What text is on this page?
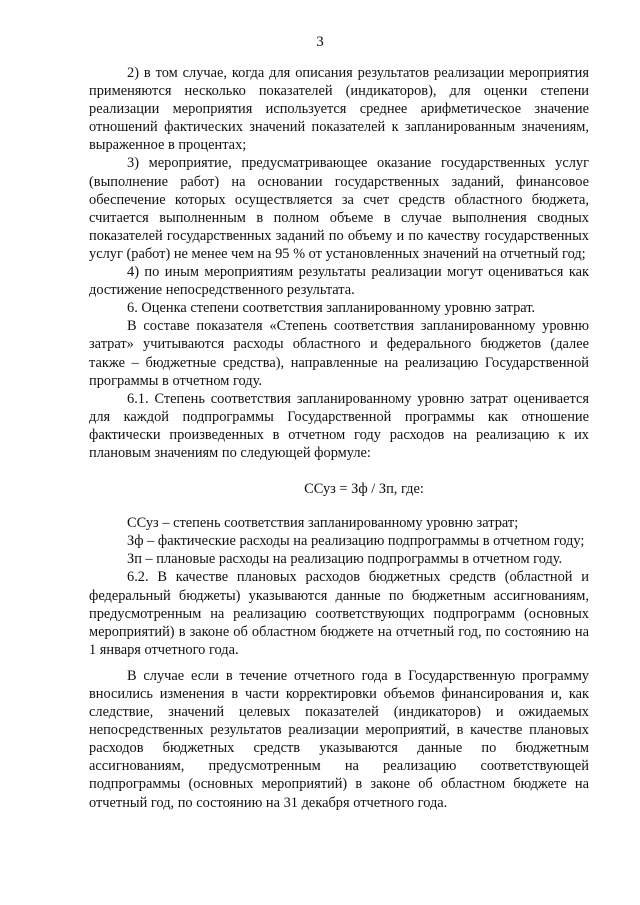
3

2) в том случае, когда для описания результатов реализации мероприятия применяются несколько показателей (индикаторов), для оценки степени реализации мероприятия используется среднее арифметическое значение отношений фактических значений показателей к запланированным значениям, выраженное в процентах;

3) мероприятие, предусматривающее оказание государственных услуг (выполнение работ) на основании государственных заданий, финансовое обеспечение которых осуществляется за счет средств областного бюджета, считается выполненным в полном объеме в случае выполнения сводных показателей государственных заданий по объему и по качеству государственных услуг (работ) не менее чем на 95 % от установленных значений на отчетный год;

4) по иным мероприятиям результаты реализации могут оцениваться как достижение непосредственного результата.

6. Оценка степени соответствия запланированному уровню затрат.

В составе показателя «Степень соответствия запланированному уровню затрат» учитываются расходы областного и федерального бюджетов (далее также – бюджетные средства), направленные на реализацию Государственной программы в отчетном году.

6.1. Степень соответствия запланированному уровню затрат оценивается для каждой подпрограммы Государственной программы как отношение фактически произведенных в отчетном году расходов на реализацию к их плановым значениям по следующей формуле:

ССуз = Зф / Зп, где:

ССуз – степень соответствия запланированному уровню затрат;

Зф – фактические расходы на реализацию подпрограммы в отчетном году;

Зп – плановые расходы на реализацию подпрограммы в отчетном году.

6.2. В качестве плановых расходов бюджетных средств (областной и федеральный бюджеты) указываются данные по бюджетным ассигнованиям, предусмотренным на реализацию соответствующих подпрограмм (основных мероприятий) в законе об областном бюджете на отчетный год, по состоянию на 1 января отчетного года.

В случае если в течение отчетного года в Государственную программу вносились изменения в части корректировки объемов финансирования и, как следствие, значений целевых показателей (индикаторов) и ожидаемых непосредственных результатов реализации мероприятий, в качестве плановых расходов бюджетных средств указываются данные по бюджетным ассигнованиям, предусмотренным на реализацию соответствующей подпрограммы (основных мероприятий) в законе об областном бюджете на отчетный год, по состоянию на 31 декабря отчетного года.
